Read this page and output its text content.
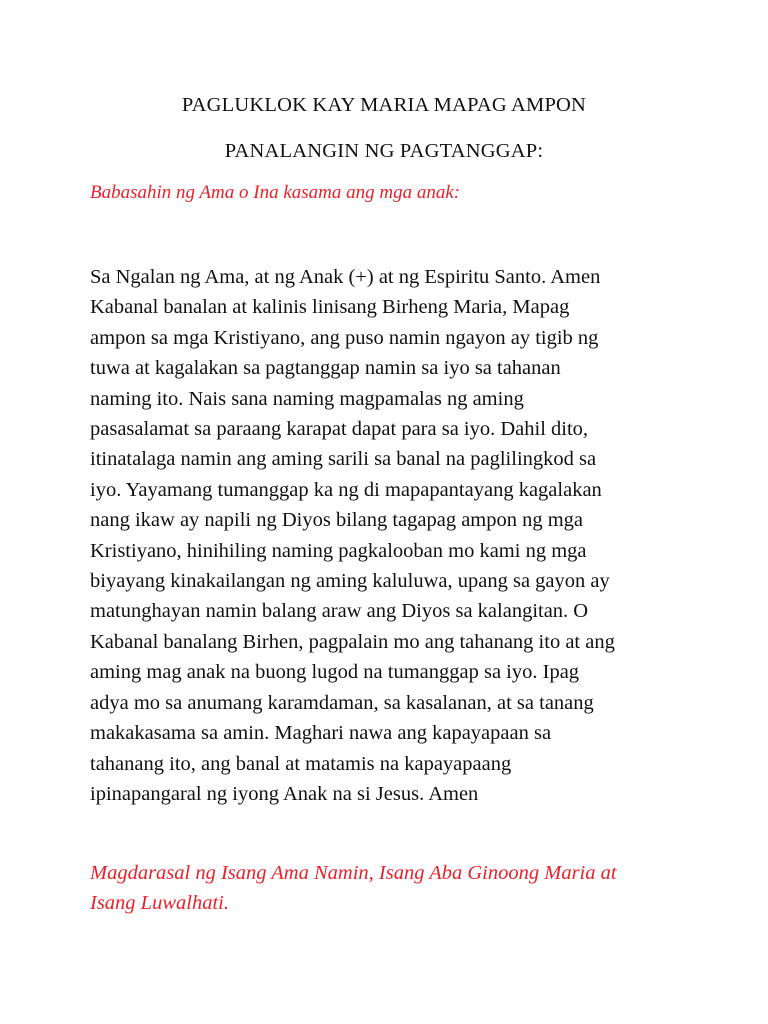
PAGLUKLOK KAY MARIA MAPAG AMPON
PANALANGIN NG PAGTANGGAP:
Babasahin ng Ama o Ina kasama ang mga anak:
Sa Ngalan ng Ama, at ng Anak (+) at ng Espiritu Santo. Amen
Kabanal banalan at kalinis linisang Birheng Maria, Mapag
ampon sa mga Kristiyano, ang puso namin ngayon ay tigib ng
tuwa at kagalakan sa pagtanggap namin sa iyo sa tahanan
naming ito. Nais sana naming magpamalas ng aming
pasasalamat sa paraang karapat dapat para sa iyo. Dahil dito,
itinatalaga namin ang aming sarili sa banal na paglilingkod sa
iyo. Yayamang tumanggap ka ng di mapapantayang kagalakan
nang ikaw ay napili ng Diyos bilang tagapag ampon ng mga
Kristiyano, hinihiling naming pagkalooban mo kami ng mga
biyayang kinakailangan ng aming kaluluwa, upang sa gayon ay
matunghayan namin balang araw ang Diyos sa kalangitan. O
Kabanal banalang Birhen, pagpalain mo ang tahanang ito at ang
aming mag anak na buong lugod na tumanggap sa iyo. Ipag
adya mo sa anumang karamdaman, sa kasalanan, at sa tanang
makakasama sa amin. Maghari nawa ang kapayapaan sa
tahanang ito, ang banal at matamis na kapayapaang
ipinapangaral ng iyong Anak na si Jesus. Amen
Magdarasal ng Isang Ama Namin, Isang Aba Ginoong Maria at
Isang Luwalhati.
